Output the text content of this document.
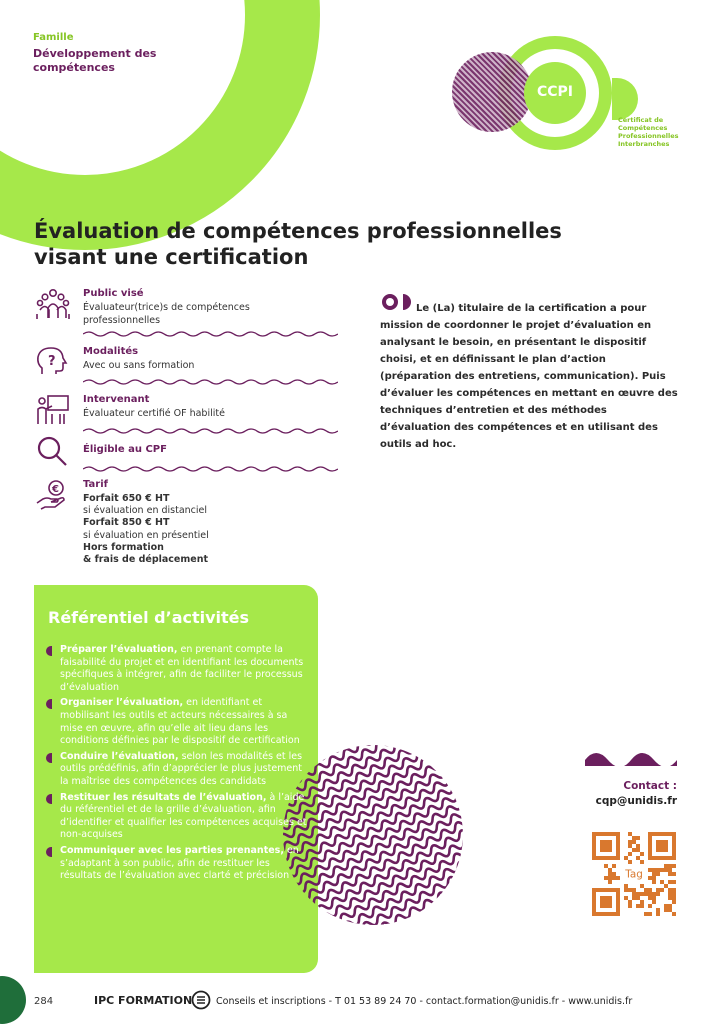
Famille
Développement des compétences
CCPI
Certificat de
Compétences
Professionnelles
Interbranches
Évaluation de compétences professionnelles
visant une certification
Public visé
Évaluateur(trice)s de compétences professionnelles
?
Modalités
Avec ou sans formation
Intervenant
Évaluateur certifié OF habilité
Éligible au CPF
€ Tarif
Forfait 650 € HT
si évaluation en distanciel
Forfait 850 € HT
si évaluation en présentiel
Hors formation
& frais de déplacement
Le (La) titulaire de la certification a pour mission de coordonner le projet d’évaluation en analysant le besoin, en présentant le dispositif choisi, et en définissant le plan d’action (préparation des entretiens, communication). Puis d’évaluer les compétences en mettant en œuvre des techniques d’entretien et des méthodes d’évaluation des compétences et en utilisant des outils ad hoc.
Référentiel d’activités
Préparer l’évaluation, en prenant compte la faisabilité du projet et en identifiant les documents spécifiques à intégrer, afin de faciliter le processus d’évaluation
Organiser l’évaluation, en identifiant et mobilisant les outils et acteurs nécessaires à sa mise en œuvre, afin qu’elle ait lieu dans les conditions définies par le dispositif de certification
Conduire l’évaluation, selon les modalités et les outils prédéfinis, afin d’apprécier le plus justement la maîtrise des compétences des candidats
Restituer les résultats de l’évaluation, à l’aide du référentiel et de la grille d’évaluation, afin d’identifier et qualifier les compétences acquises et non-acquises
Communiquer avec les parties prenantes, en s’adaptant à son public, afin de restituer les résultats de l’évaluation avec clarté et précision
Contact :
cqp@unidis.fr
Tag
284	IPC FORMATION	Conseils et inscriptions - T 01 53 89 24 70 - contact.formation@unidis.fr - www.unidis.fr
